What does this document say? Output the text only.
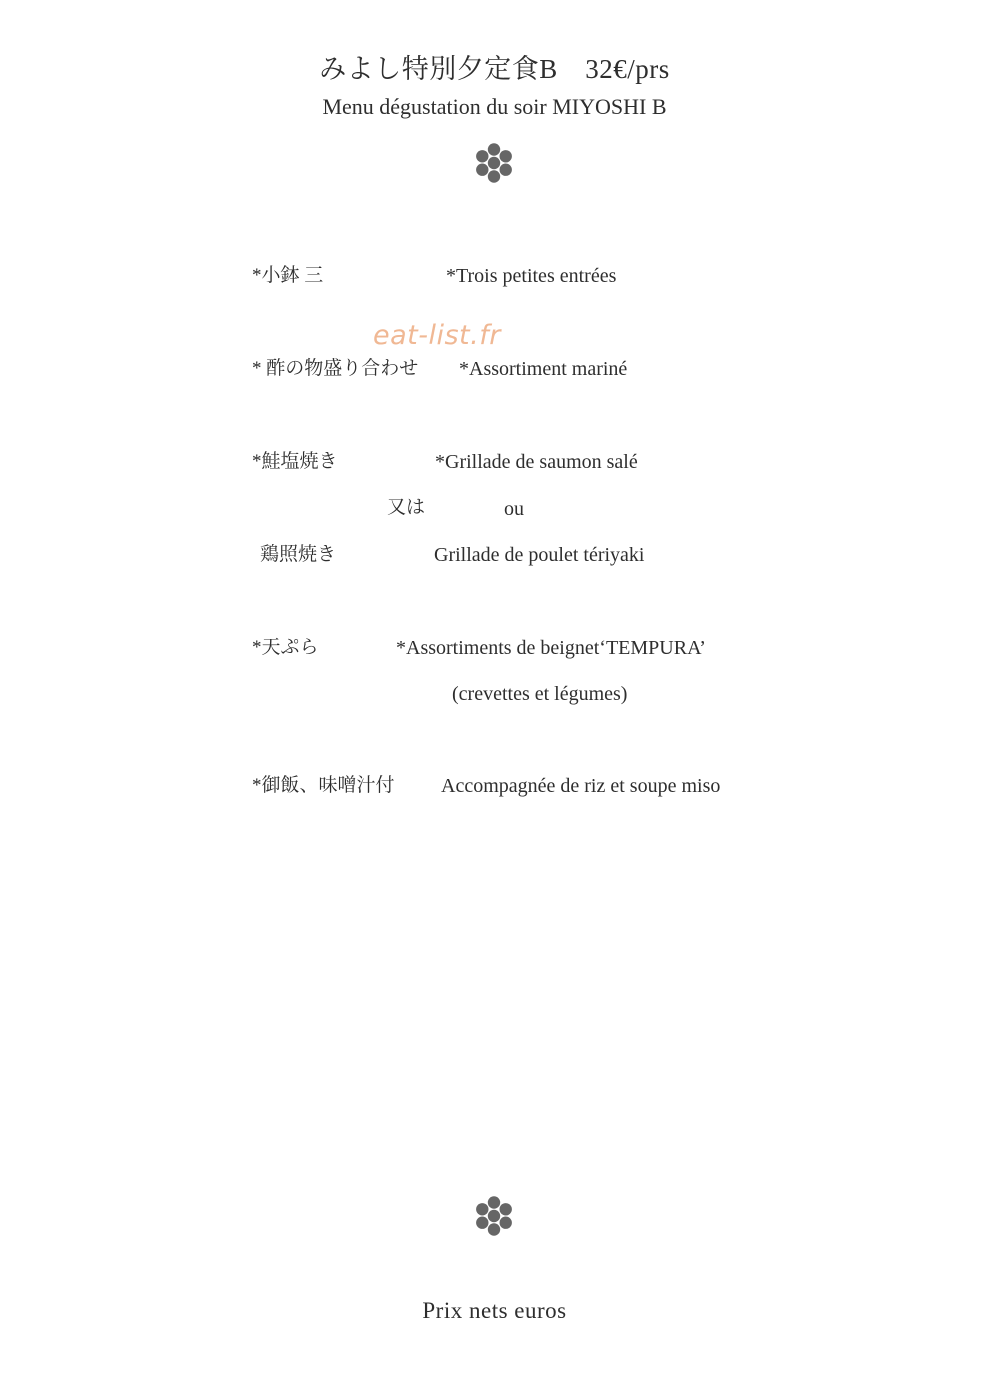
みよし特別夕定食B　32€/prs
Menu dégustation du soir MIYOSHI B
*小鉢 三	*Trois petites entrées
eat-list.fr
* 酢の物盛り合わせ *Assortiment mariné
*鮭塩焼き	*Grillade de saumon salé
又は	ou
鶏照焼き	Grillade de poulet tériyaki
*天ぷら	*Assortiments de beignet‘TEMPURA’
(crevettes et légumes)
*御飯、味噌汁付 Accompagnée de riz et soupe miso
Prix nets euros
